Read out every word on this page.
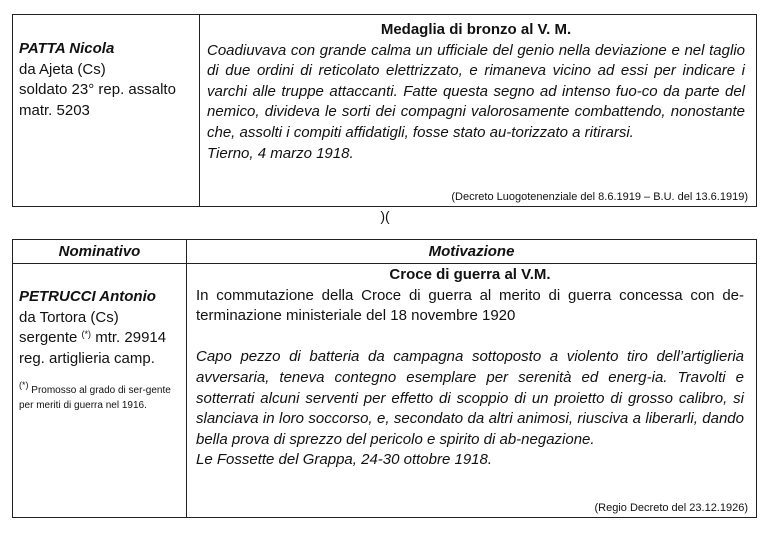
PATTA Nicola
da Ajeta (Cs)
soldato 23° rep. assalto
matr. 5203
Medaglia di bronzo al V. M.
Coadiuvava con grande calma un ufficiale del genio nella deviazione e nel taglio di due ordini di reticolato elettrizzato, e rimaneva vicino ad essi per indicare i varchi alle truppe attaccanti. Fatte questa segno ad intenso fuo-co da parte del nemico, divideva le sorti dei compagni valorosamente combattendo, nonostante che, assolti i compiti affidatigli, fosse stato au-torizzato a ritirarsi.
Tierno, 4 marzo 1918.
(Decreto Luogotenenziale del 8.6.1919 – B.U. del 13.6.1919)
)(
Nominativo	Motivazione
PETRUCCI Antonio
da Tortora (Cs)
sergente (*) mtr. 29914
reg. artiglieria camp.
(*) Promosso al grado di ser-gente per meriti di guerra nel 1916.
Croce di guerra al V.M.
In commutazione della Croce di guerra al merito di guerra concessa con de-terminazione ministeriale del 18 novembre 1920
Capo pezzo di batteria da campagna sottoposto a violento tiro dell’artiglieria avversaria, teneva contegno esemplare per serenità ed energ-ia. Travolti e sotterrati alcuni serventi per effetto di scoppio di un proietto di grosso calibro, si slanciava in loro soccorso, e, secondato da altri animosi, riusciva a liberarli, dando bella prova di sprezzo del pericolo e spirito di ab-negazione.
Le Fossette del Grappa, 24-30 ottobre 1918.
(Regio Decreto del 23.12.1926)
